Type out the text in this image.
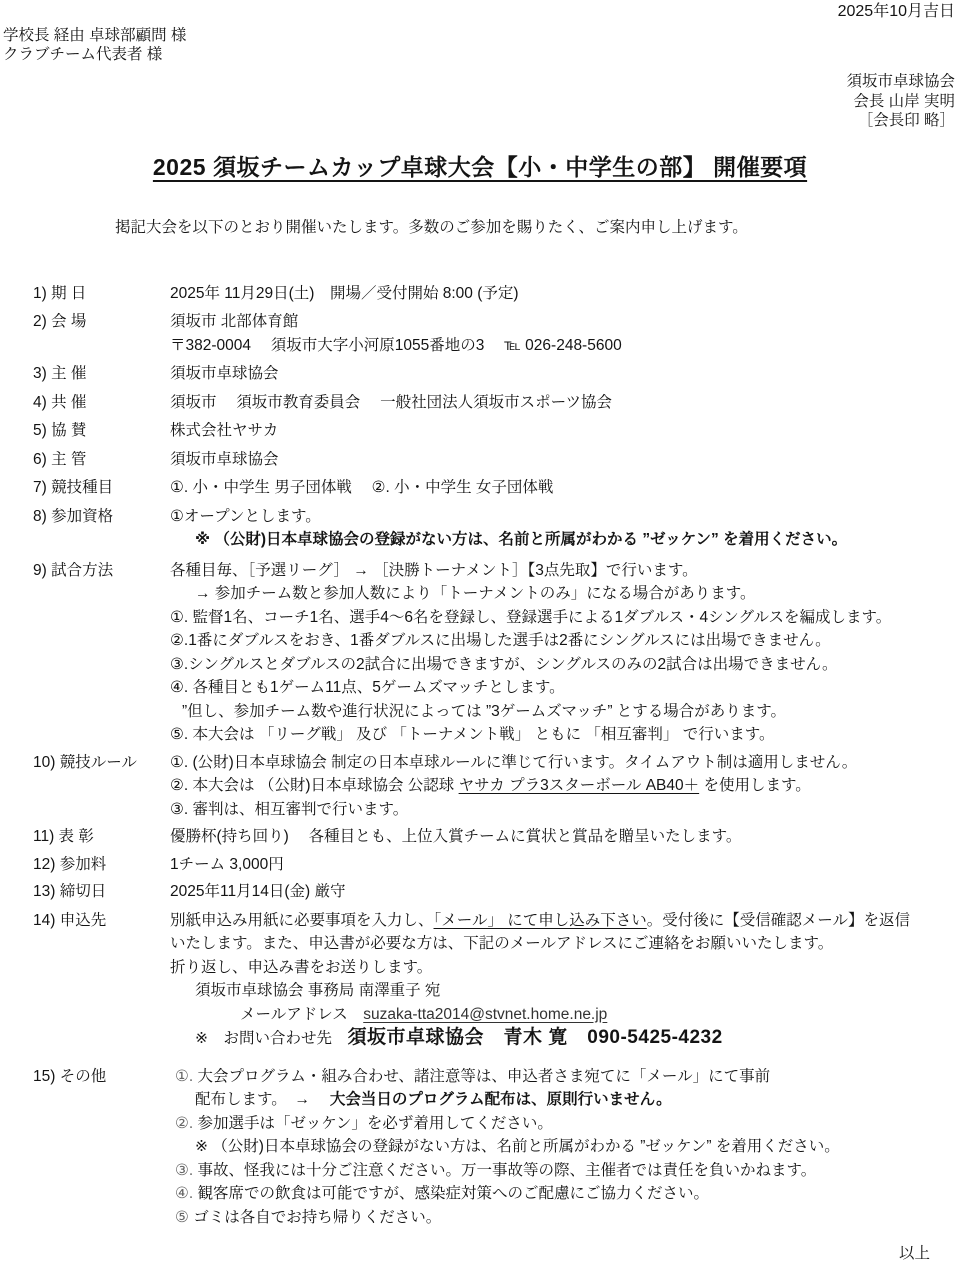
2025年10月吉日
学校長 経由 卓球部顧問 様
クラブチーム代表者 様
須坂市卓球協会
会長 山岸 実明
［会長印 略］
2025 須坂チームカップ卓球大会【小・中学生の部】 開催要項

掲記大会を以下のとおり開催いたします。多数のご参加を賜りたく、ご案内申し上げます。

1) 期 日	2025年 11月29日(土)　開場／受付開始 8:00 (予定)
2) 会 場	須坂市 北部体育館
〒382-0004　 須坂市大字小河原1055番地の3　 ℡ 026-248-5600
3) 主 催	須坂市卓球協会
4) 共 催	須坂市　 須坂市教育委員会　 一般社団法人須坂市スポーツ協会
5) 協 賛	株式会社ヤサカ
6) 主 管	須坂市卓球協会
7) 競技種目	①. 小・中学生 男子団体戦　 ②. 小・中学生 女子団体戦
8) 参加資格	①オープンとします。
※ （公財)日本卓球協会の登録がない方は、名前と所属がわかる ”ゼッケン” を着用ください。
9) 試合方法	各種目毎、［予選リーグ］ → ［決勝トーナメント］【3点先取】で行います。
→ 参加チーム数と参加人数により「トーナメントのみ」になる場合があります。
①. 監督1名、コーチ1名、選手4～6名を登録し、登録選手による1ダブルス・4シングルスを編成します。
②.1番にダブルスをおき、1番ダブルスに出場した選手は2番にシングルスには出場できません。
③.シングルスとダブルスの2試合に出場できますが、シングルスのみの2試合は出場できません。
④. 各種目とも1ゲーム11点、5ゲームズマッチとします。
”但し、参加チーム数や進行状況によっては ”3ゲームズマッチ” とする場合があります。
⑤. 本大会は 「リーグ戦」 及び 「トーナメント戦」 ともに 「相互審判」 で行います。
10) 競技ルール	①. (公財)日本卓球協会 制定の日本卓球ルールに準じて行います。タイムアウト制は適用しません。
②. 本大会は （公財)日本卓球協会 公認球 ヤサカ プラ3スターボール AB40＋ を使用します。
③. 審判は、相互審判で行います。
11) 表 彰	優勝杯(持ち回り)　 各種目とも、上位入賞チームに賞状と賞品を贈呈いたします。
12) 参加料	1チーム 3,000円
13) 締切日	2025年11月14日(金) 厳守
14) 申込先	別紙申込み用紙に必要事項を入力し、「メール」 にて申し込み下さい。受付後に【受信確認メール】を返信
いたします。また、申込書が必要な方は、下記のメールアドレスにご連絡をお願いいたします。
折り返し、申込み書をお送りします。
須坂市卓球協会 事務局 南澤重子 宛
メールアドレス　suzaka-tta2014@stvnet.home.ne.jp
※　お問い合わせ先　須坂市卓球協会　青木 寛　090-5425-4232
15) その他	①. 大会プログラム・組み合わせ、諸注意等は、申込者さま宛てに「メール」にて事前
配布します。　→　 大会当日のプログラム配布は、原則行いません。
②. 参加選手は「ゼッケン」を必ず着用してください。
※ （公財)日本卓球協会の登録がない方は、名前と所属がわかる ”ゼッケン” を着用ください。
③. 事故、怪我には十分ご注意ください。万一事故等の際、主催者では責任を負いかねます。
④. 観客席での飲食は可能ですが、感染症対策へのご配慮にご協力ください。
⑤ ゴミは各自でお持ち帰りください。
以上
